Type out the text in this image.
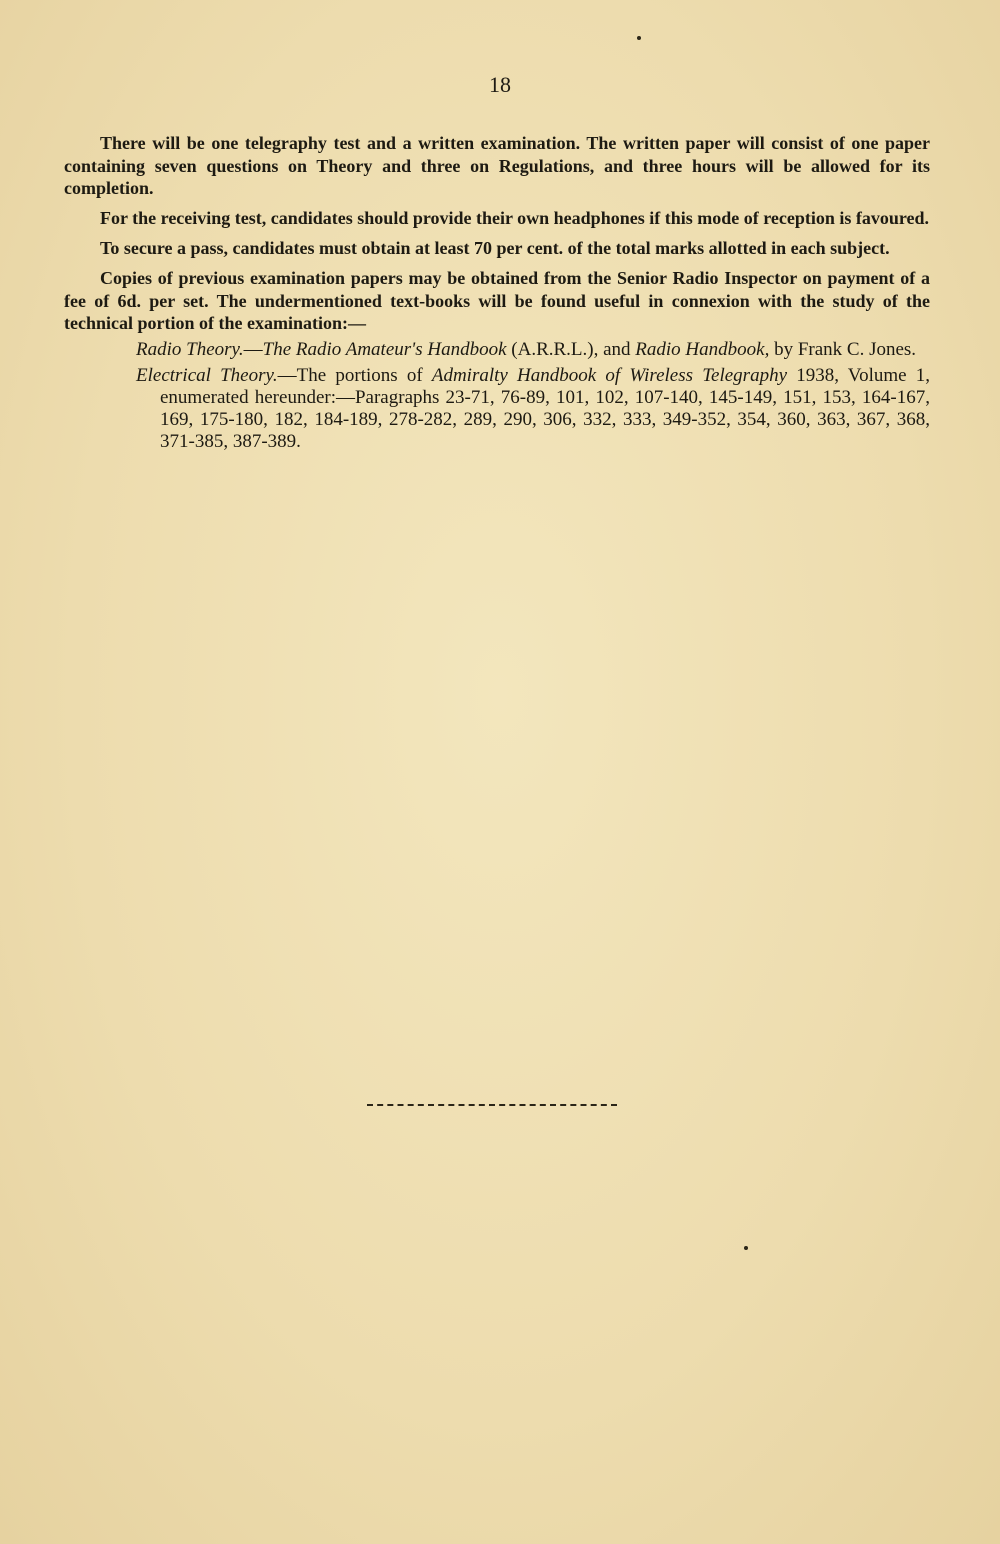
18

There will be one telegraphy test and a written examination. The written paper will consist of one paper containing seven questions on Theory and three on Regulations, and three hours will be allowed for its completion.

For the receiving test, candidates should provide their own headphones if this mode of reception is favoured.

To secure a pass, candidates must obtain at least 70 per cent. of the total marks allotted in each subject.

Copies of previous examination papers may be obtained from the Senior Radio Inspector on payment of a fee of 6d. per set. The undermentioned text-books will be found useful in connexion with the study of the technical portion of the examination:—

Radio Theory.—The Radio Amateur's Handbook (A.R.R.L.), and Radio Handbook, by Frank C. Jones.

Electrical Theory.—The portions of Admiralty Handbook of Wireless Telegraphy 1938, Volume 1, enumerated hereunder:—Paragraphs 23-71, 76-89, 101, 102, 107-140, 145-149, 151, 153, 164-167, 169, 175-180, 182, 184-189, 278-282, 289, 290, 306, 332, 333, 349-352, 354, 360, 363, 367, 368, 371-385, 387-389.
